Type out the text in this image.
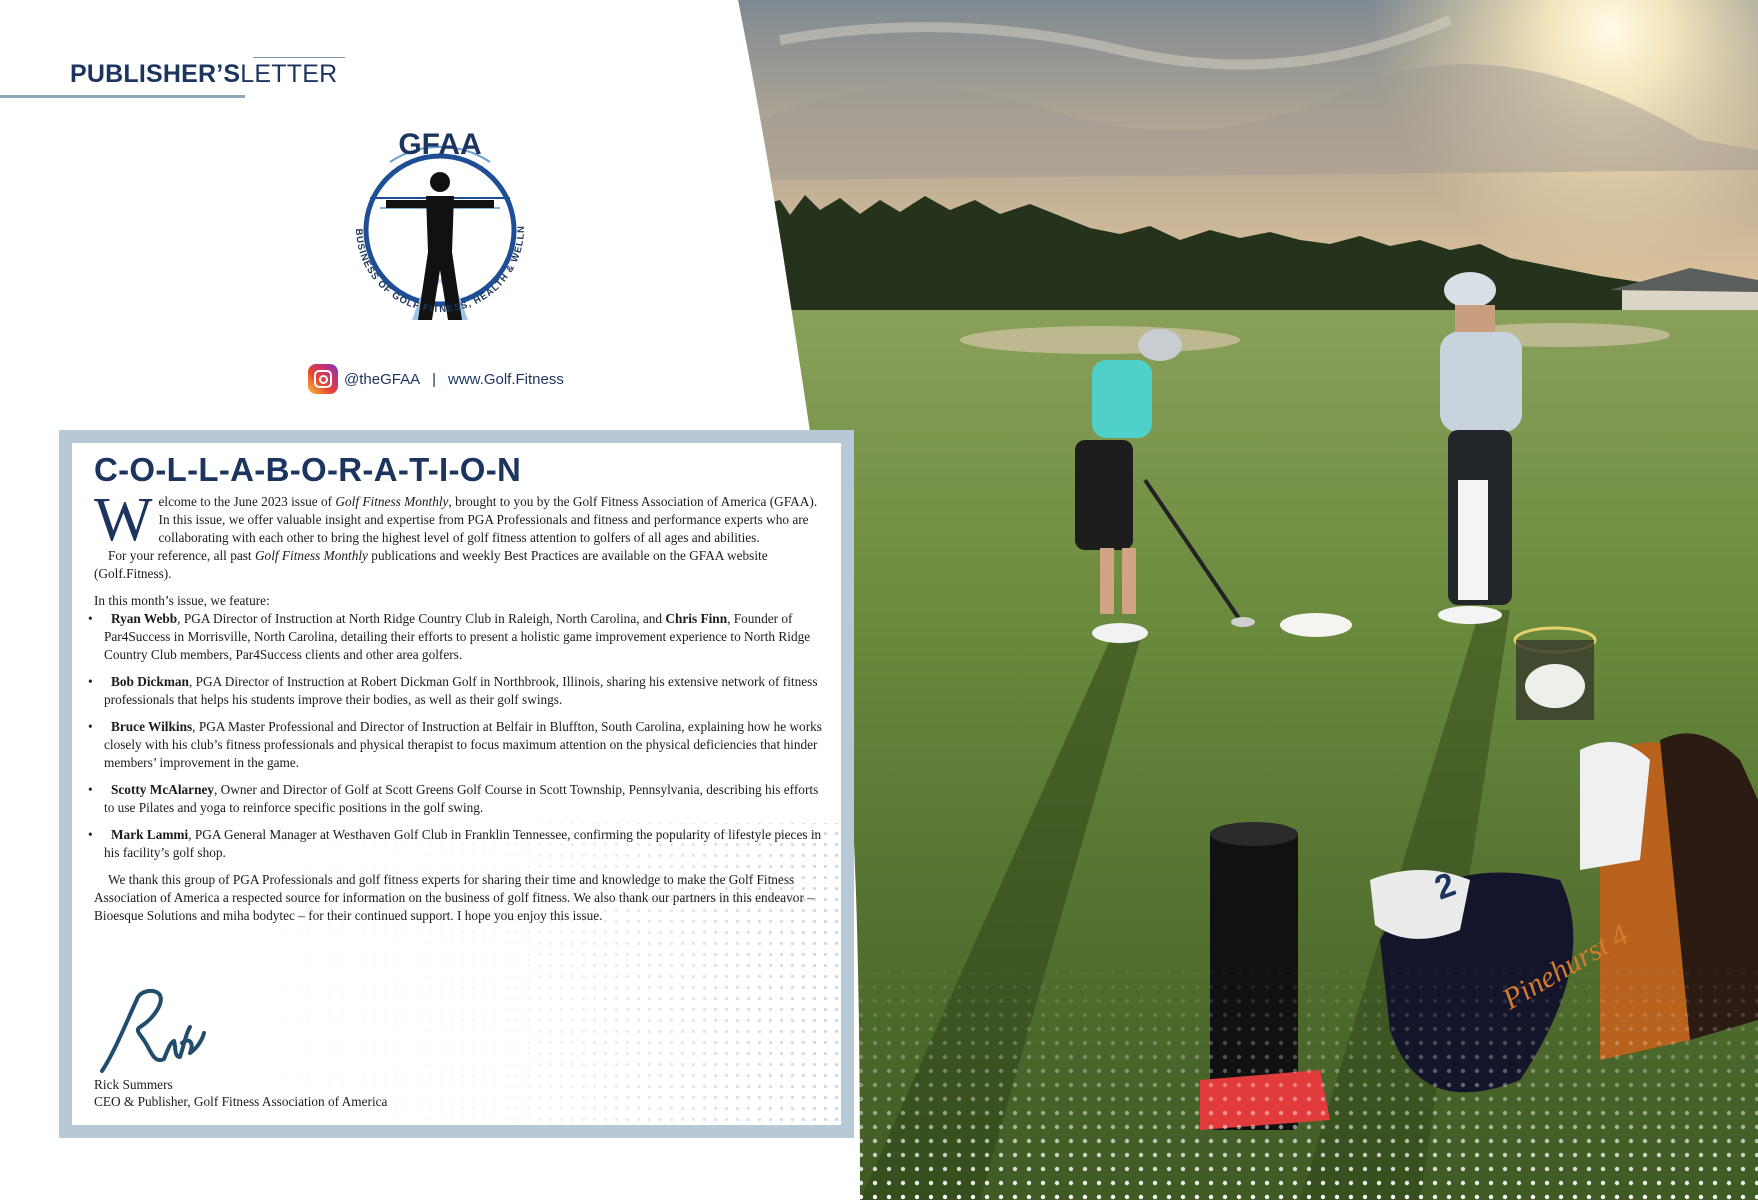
2
PUBLISHER’SLETTER
GFAA
BUSINESS OF GOLF FITNESS, HEALTH & WELLN
@theGFAA | www.Golf.Fitness
C-O-L-L-A-B-O-R-A-T-I-O-N

Welcome to the June 2023 issue of Golf Fitness Monthly, brought to you by the Golf Fitness Association of America (GFAA). In this issue, we offer valuable insight and expertise from PGA Professionals and fitness and performance experts who are collaborating with each other to bring the highest level of golf fitness attention to golfers of all ages and abilities.

For your reference, all past Golf Fitness Monthly publications and weekly Best Practices are available on the GFAA website (Golf.Fitness).

In this month’s issue, we feature:

• Ryan Webb, PGA Director of Instruction at North Ridge Country Club in Raleigh, North Carolina, and Chris Finn, Founder of Par4Success in Morrisville, North Carolina, detailing their efforts to present a holistic game improvement experience to North Ridge Country Club members, Par4Success clients and other area golfers.
• Bob Dickman, PGA Director of Instruction at Robert Dickman Golf in Northbrook, Illinois, sharing his extensive network of fitness professionals that helps his students improve their bodies, as well as their golf swings.
• Bruce Wilkins, PGA Master Professional and Director of Instruction at Belfair in Bluffton, South Carolina, explaining how he works closely with his club’s fitness professionals and physical therapist to focus maximum attention on the physical deficiencies that hinder members’ improvement in the game.
• Scotty McAlarney, Owner and Director of Golf at Scott Greens Golf Course in Scott Township, Pennsylvania, describing his efforts to use Pilates and yoga to reinforce specific positions in the golf swing.
• Mark Lammi, PGA General Manager at Westhaven Golf Club in Franklin Tennessee, confirming the popularity of lifestyle pieces in his facility’s golf shop.

We thank this group of PGA Professionals and golf fitness experts for sharing their time and knowledge to make the Golf Fitness Association of America a respected source for information on the business of golf fitness. We also thank our partners in this endeavor – Bioesque Solutions and miha bodytec – for their continued support. I hope you enjoy this issue.

Rick Summers
CEO & Publisher, Golf Fitness Association of America
